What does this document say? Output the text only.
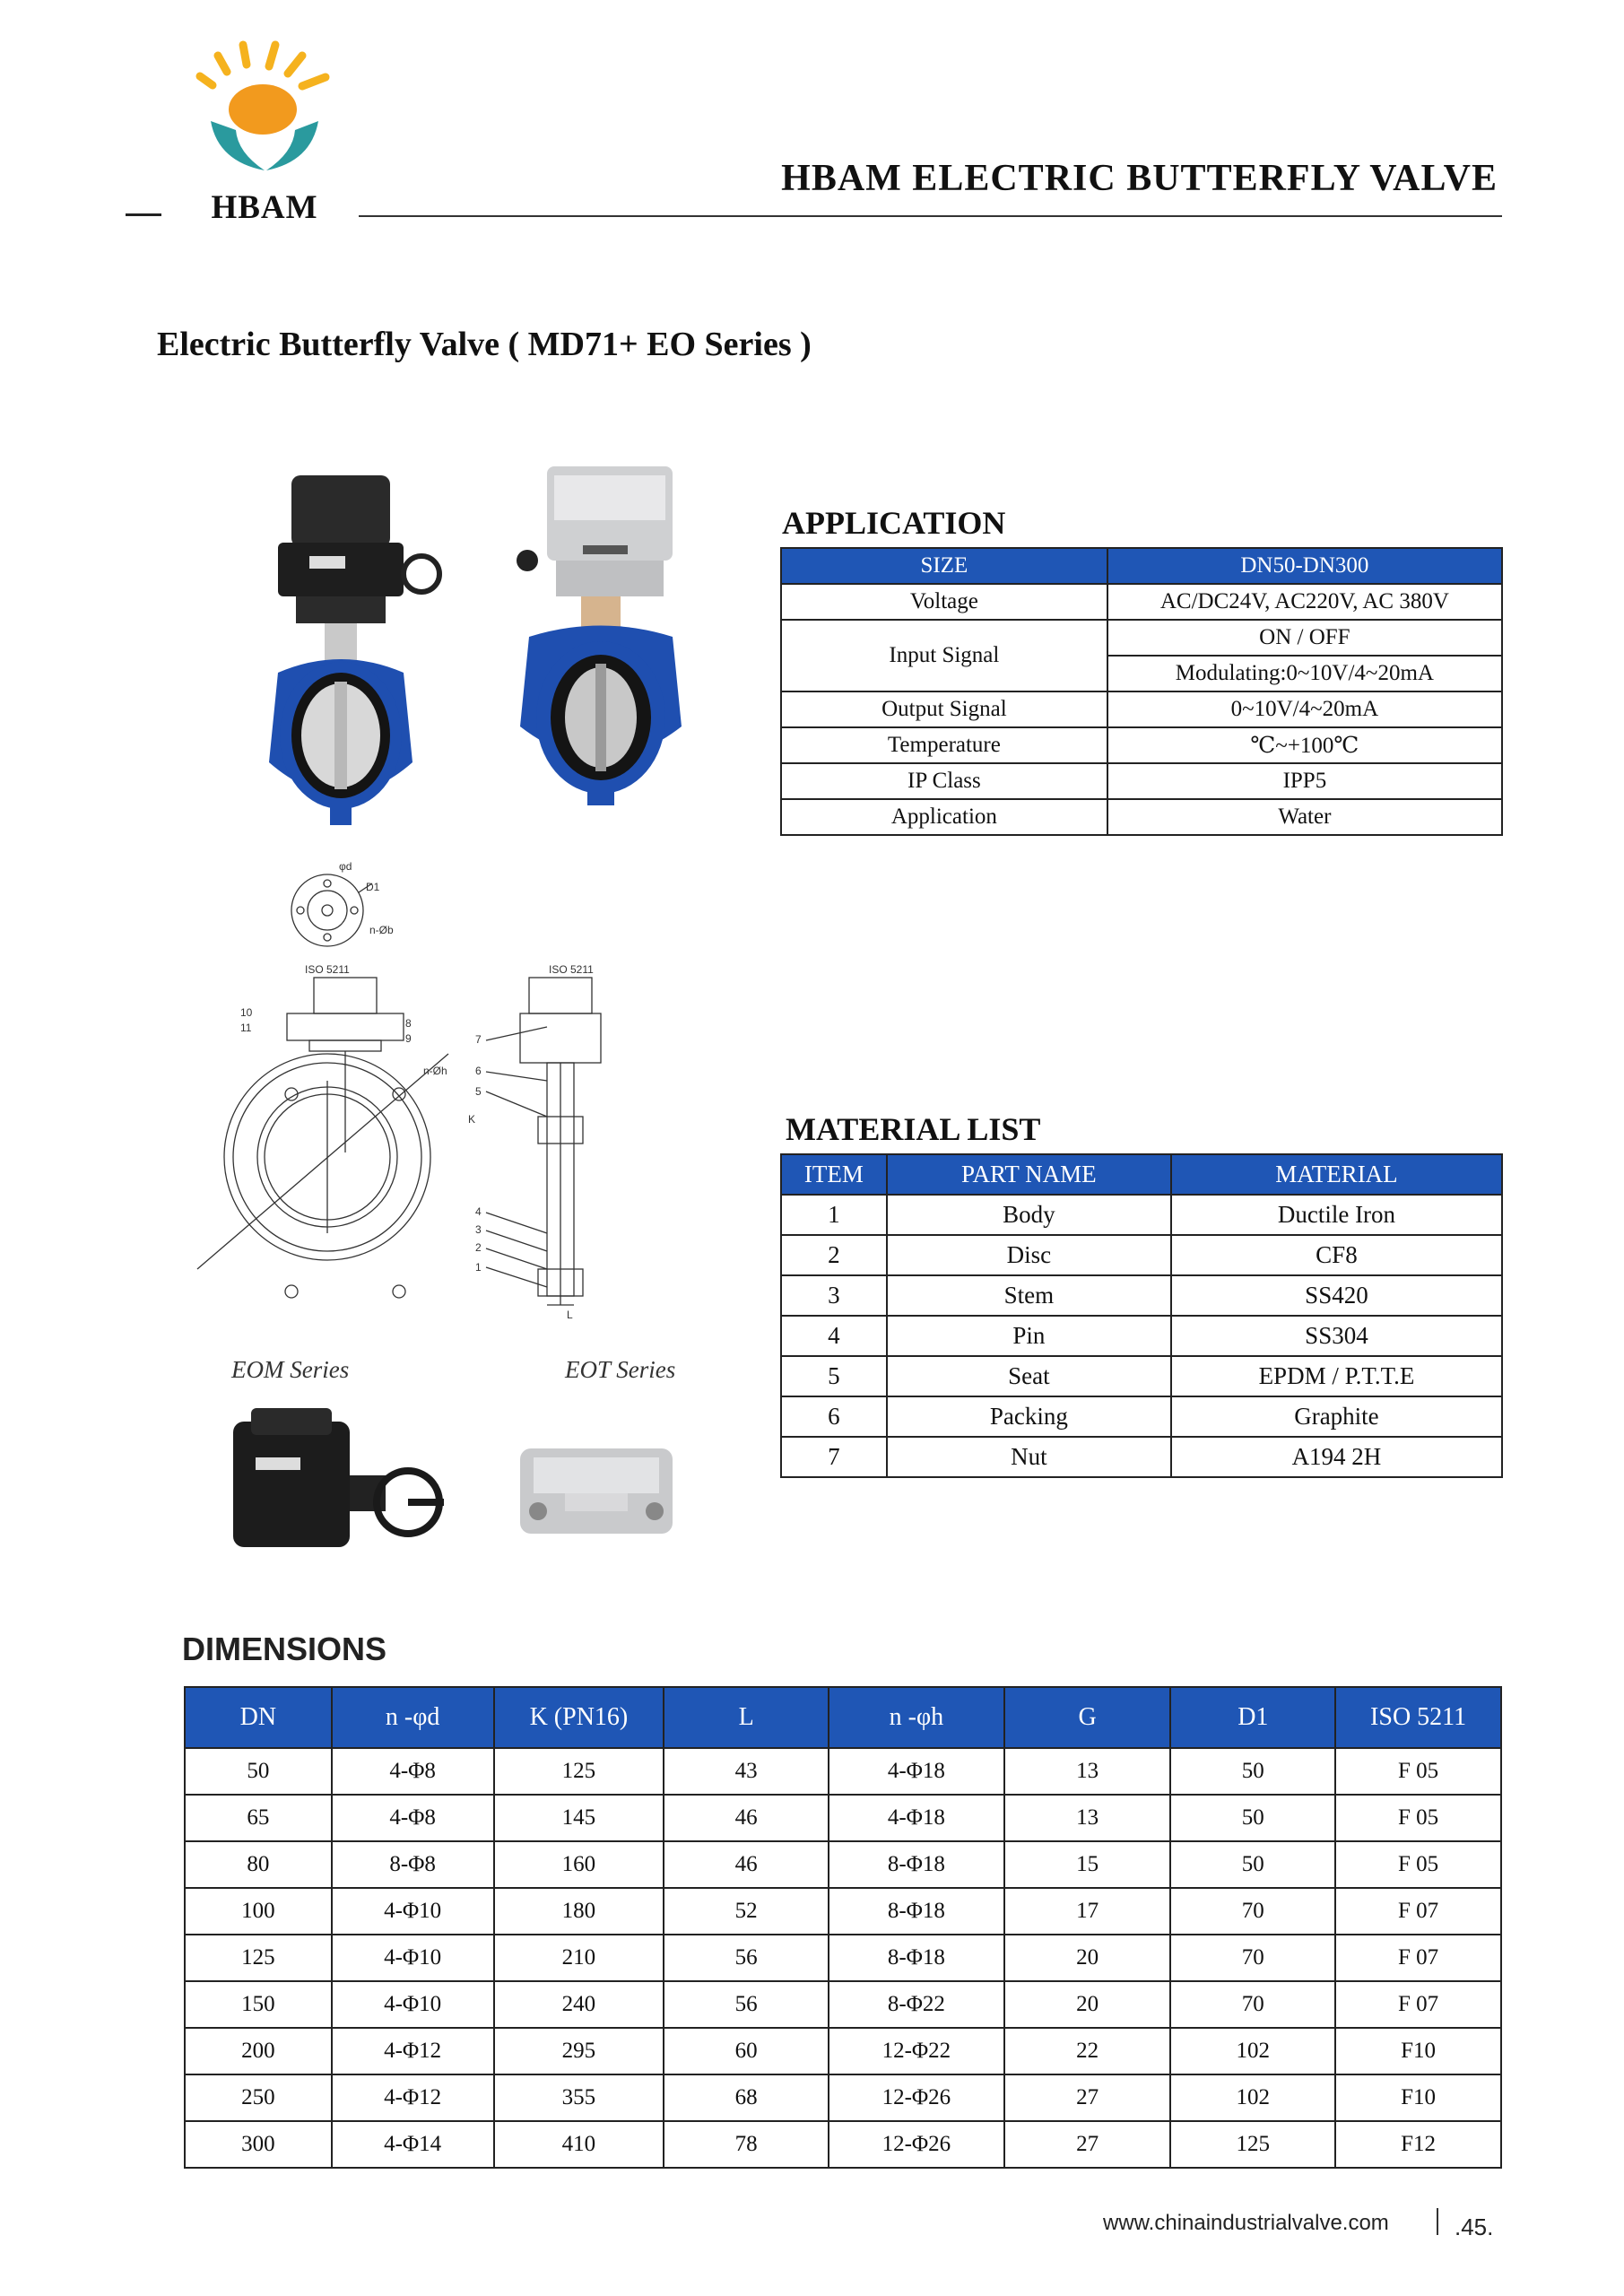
HBAM
HBAM ELECTRIC BUTTERFLY VALVE
Electric Butterfly Valve ( MD71+ EO Series )
φd
D1
n-Øb
ISO 5211	ISO 5211
10
11	8
9
n-Øh
K
L
7
6
5
4
3
2
1
EOM Series	EOT Series
APPLICATION
SIZE	DN50-DN300
Voltage	AC/DC24V, AC220V, AC 380V
Input Signal	ON / OFF
	Modulating:0~10V/4~20mA
Output Signal	0~10V/4~20mA
Temperature	℃~+100℃
IP Class	IPP5
Application	Water
MATERIAL LIST
ITEM	PART NAME	MATERIAL
1	Body	Ductile Iron
2	Disc	CF8
3	Stem	SS420
4	Pin	SS304
5	Seat	EPDM / P.T.T.E
6	Packing	Graphite
7	Nut	A194 2H
DIMENSIONS
DN	n -φd	K (PN16)	L	n -φh	G	D1	ISO 5211
50	4-Φ8	125	43	4-Φ18	13	50	F 05
65	4-Φ8	145	46	4-Φ18	13	50	F 05
80	8-Φ8	160	46	8-Φ18	15	50	F 05
100	4-Φ10	180	52	8-Φ18	17	70	F 07
125	4-Φ10	210	56	8-Φ18	20	70	F 07
150	4-Φ10	240	56	8-Φ22	20	70	F 07
200	4-Φ12	295	60	12-Φ22	22	102	F10
250	4-Φ12	355	68	12-Φ26	27	102	F10
300	4-Φ14	410	78	12-Φ26	27	125	F12
www.chinaindustrialvalve.com	.45.
